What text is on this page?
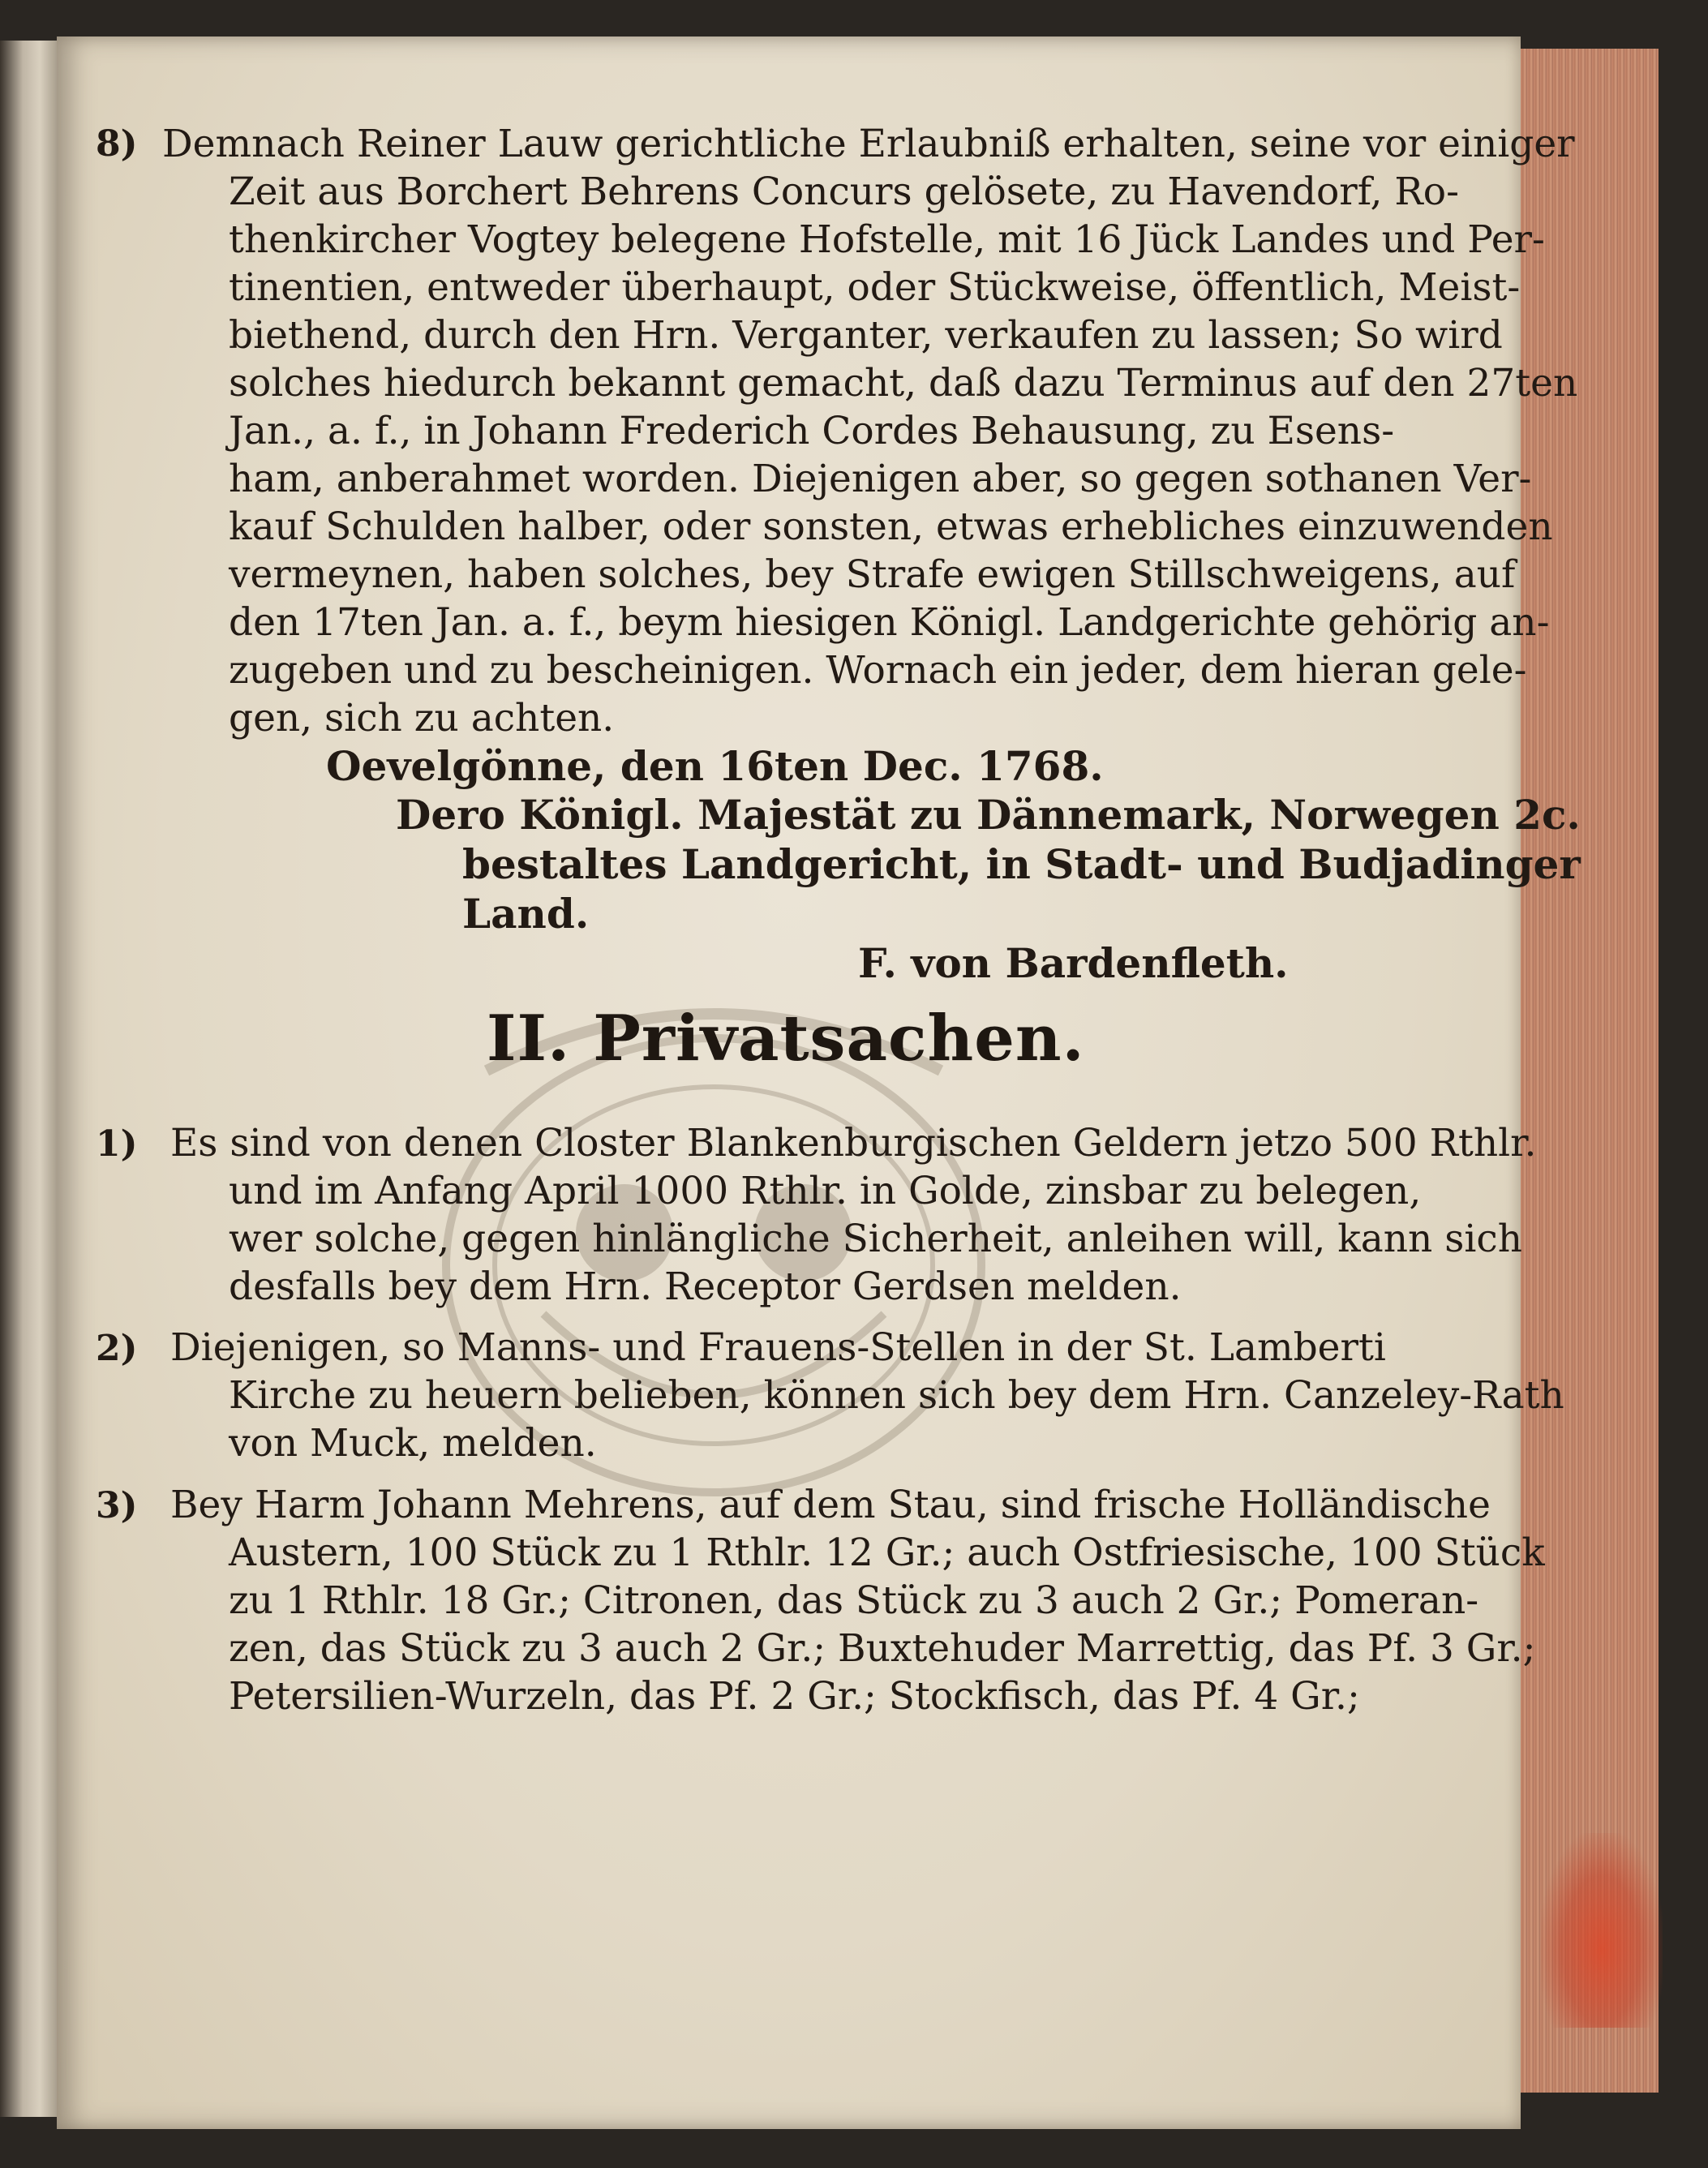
8) Demnach Reiner Lauw gerichtliche Erlaubniß erhalten, seine vor einiger
Zeit aus Borchert Behrens Concurs gelösete, zu Havendorf, Ro-
thenkircher Vogtey belegene Hofstelle, mit 16 Jück Landes und Per-
tinentien, entweder überhaupt, oder Stückweise, öffentlich, Meist-
biethend, durch den Hrn. Verganter, verkaufen zu lassen; So wird
solches hiedurch bekannt gemacht, daß dazu Terminus auf den 27ten
Jan., a. f., in Johann Frederich Cordes Behausung, zu Esens-
ham, anberahmet worden. Diejenigen aber, so gegen sothanen Ver-
kauf Schulden halber, oder sonsten, etwas erhebliches einzuwenden
vermeynen, haben solches, bey Strafe ewigen Stillschweigens, auf
den 17ten Jan. a. f., beym hiesigen Königl. Landgerichte gehörig an-
zugeben und zu bescheinigen. Wornach ein jeder, dem hieran gele-
gen, sich zu achten.
Oevelgönne, den 16ten Dec. 1768.
Dero Königl. Majestät zu Dännemark, Norwegen 2c.
bestaltes Landgericht, in Stadt- und Budjadinger
Land.
F. von Bardenfleth.
II. Privatsachen.
1) Es sind von denen Closter Blankenburgischen Geldern jetzo 500 Rthlr.
und im Anfang April 1000 Rthlr. in Golde, zinsbar zu belegen,
wer solche, gegen hinlängliche Sicherheit, anleihen will, kann sich
desfalls bey dem Hrn. Receptor Gerdsen melden.
2) Diejenigen, so Manns- und Frauens-Stellen in der St. Lamberti
Kirche zu heuern belieben, können sich bey dem Hrn. Canzeley-Rath
von Muck, melden.
3) Bey Harm Johann Mehrens, auf dem Stau, sind frische Holländische
Austern, 100 Stück zu 1 Rthlr. 12 Gr.; auch Ostfriesische, 100 Stück
zu 1 Rthlr. 18 Gr.; Citronen, das Stück zu 3 auch 2 Gr.; Pomeran-
zen, das Stück zu 3 auch 2 Gr.; Buxtehuder Marrettig, das Pf. 3 Gr.;
Petersilien-Wurzeln, das Pf. 2 Gr.; Stockfisch, das Pf. 4 Gr.;
